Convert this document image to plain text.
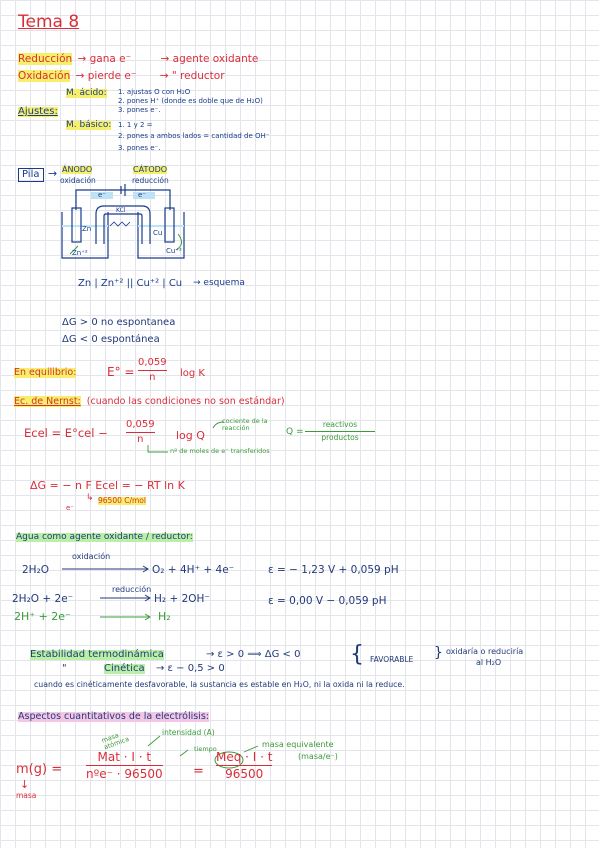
Tema 8
Reducción → gana e⁻	→ agente oxidante
Oxidación → pierde e⁻ → " reductor
Ajustes:
M. ácido: 1. ajustas O con H₂O
2. pones H⁺ (donde es doble que de H₂O)
3. pones e⁻.
M. básico: 1. 1 y 2 =
2. pones a ambos lados = cantidad de OH⁻
3. pones e⁻.
Pila → ÁNODO
oxidación
CÁTODO
reducción
e⁻	e⁻
KCl
Zn	Cu
Zn⁺²	Cu⁺²
Zn | Zn⁺² || Cu⁺² | Cu → esquema
ΔG > 0 no espontanea
ΔG < 0 espontánea
En equilibrio:	E° =
0,059
n log K
Ec. de Nernst: (cuando las condiciones no son estándar)
Ecel = E°cel −
0,059
n	log Q
cociente de la reacción	Q =
reactivos
productos
nº de moles de e⁻ transferidos
ΔG = − n F Ecel = − RT ln K
↳ 96500 C/mol
e⁻
Agua como agente oxidante / reductor:
oxidación
2H₂O	O₂ + 4H⁺ + 4e⁻	ε = − 1,23 V + 0,059 pH
reducción
2H₂O + 2e⁻	H₂ + 2OH⁻	ε = 0,00 V − 0,059 pH
2H⁺ + 2e⁻	H₂
Estabilidad termodinámica	→ ε > 0 ⟹ ΔG < 0
"	Cinética → ε − 0,5 > 0
{ FAVORABLE } oxidaría o reduciría
al H₂O
cuando es cinéticamente desfavorable, la sustancia es estable en H₂O, ni la oxida ni la reduce.
Aspectos cuantitativos de la electrólisis:
masa atómica
intensidad (A)
tiempo	masa equivalente
(masa/e⁻)
m(g) =
Mat · I · t
nºe⁻ · 96500 =
Meq · I · t
96500
↓
masa
